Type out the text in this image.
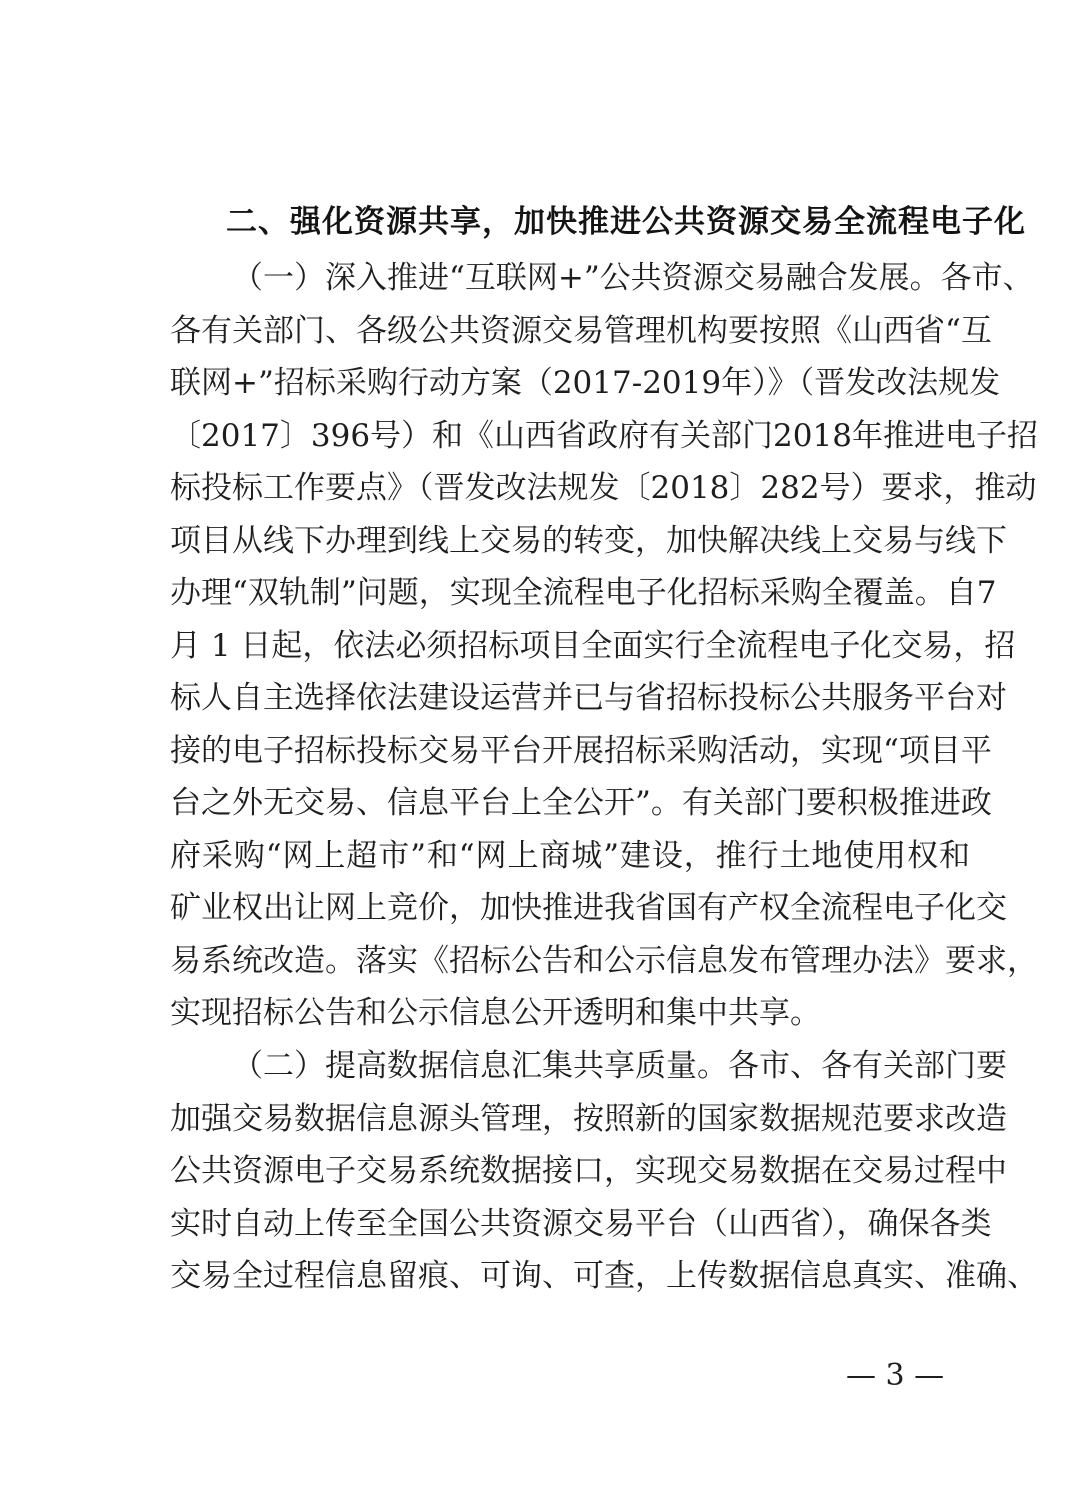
二、强化资源共享，加快推进公共资源交易全流程电子化
（一）深入推进“互联网+”公共资源交易融合发展。各市、
各有关部门、各级公共资源交易管理机构要按照《山西省“互
联网+”招标采购行动方案（2017-2019年）》（晋发改法规发
〔2017〕396号）和《山西省政府有关部门2018年推进电子招
标投标工作要点》（晋发改法规发〔2018〕282号）要求，推动
项目从线下办理到线上交易的转变，加快解决线上交易与线下
办理“双轨制”问题，实现全流程电子化招标采购全覆盖。自7
月 1 日起，依法必须招标项目全面实行全流程电子化交易，招
标人自主选择依法建设运营并已与省招标投标公共服务平台对
接的电子招标投标交易平台开展招标采购活动，实现“项目平
台之外无交易、信息平台上全公开”。有关部门要积极推进政
府采购“网上超市”和“网上商城”建设，推行土地使用权和
矿业权出让网上竞价，加快推进我省国有产权全流程电子化交
易系统改造。落实《招标公告和公示信息发布管理办法》要求，
实现招标公告和公示信息公开透明和集中共享。
（二）提高数据信息汇集共享质量。各市、各有关部门要
加强交易数据信息源头管理，按照新的国家数据规范要求改造
公共资源电子交易系统数据接口，实现交易数据在交易过程中
实时自动上传至全国公共资源交易平台（山西省），确保各类
交易全过程信息留痕、可询、可查，上传数据信息真实、准确、
— 3 —
